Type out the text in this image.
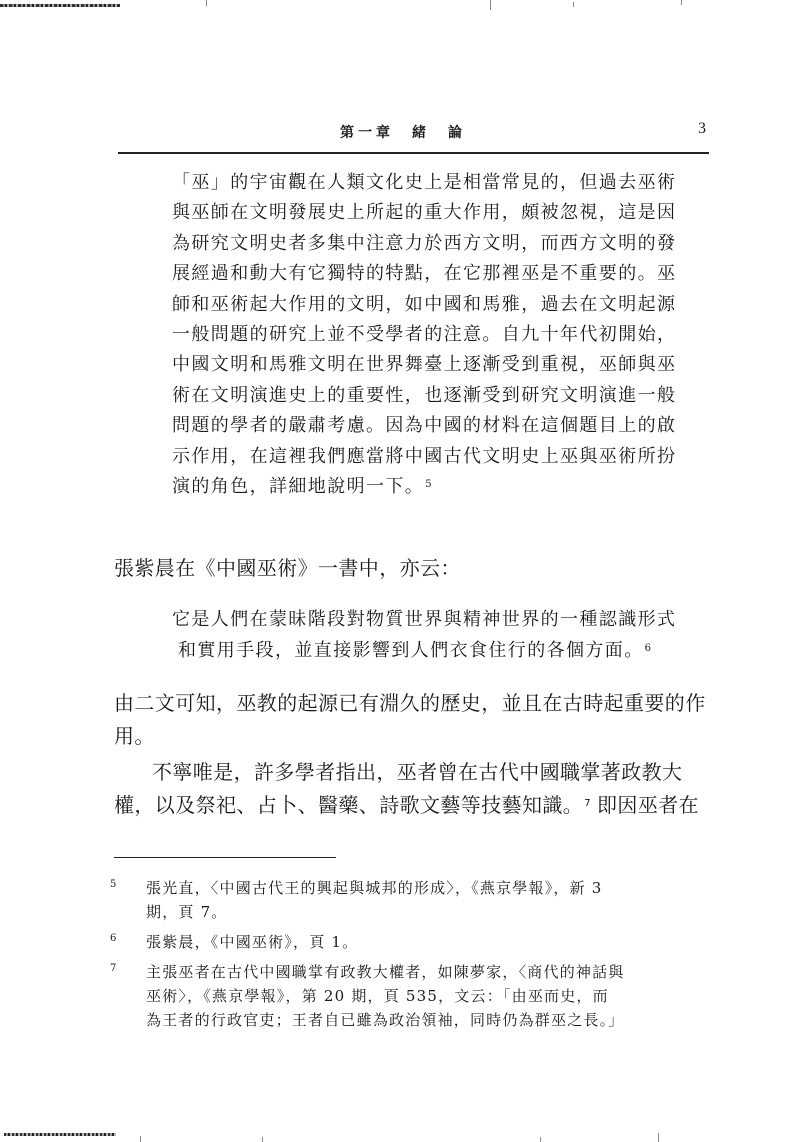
第一章　緒　論	3
「巫」的宇宙觀在人類文化史上是相當常見的，但過去巫術
與巫師在文明發展史上所起的重大作用，頗被忽視，這是因
為研究文明史者多集中注意力於西方文明，而西方文明的發
展經過和動大有它獨特的特點，在它那裡巫是不重要的。巫
師和巫術起大作用的文明，如中國和馬雅，過去在文明起源
一般問題的研究上並不受學者的注意。自九十年代初開始，
中國文明和馬雅文明在世界舞臺上逐漸受到重視，巫師與巫
術在文明演進史上的重要性，也逐漸受到研究文明演進一般
問題的學者的嚴肅考慮。因為中國的材料在這個題目上的啟
示作用，在這裡我們應當將中國古代文明史上巫與巫術所扮
演的角色，詳細地說明一下。$^5$
張紫晨在《中國巫術》一書中，亦云：
它是人們在蒙昧階段對物質世界與精神世界的一種認識形式
和實用手段，並直接影響到人們衣食住行的各個方面。$^6$
由二文可知，巫教的起源已有淵久的歷史，並且在古時起重要的作
用。
不寧唯是，許多學者指出，巫者曾在古代中國職掌著政教大
權，以及祭祀、占卜、醫藥、詩歌文藝等技藝知識。$^7$ 即因巫者在
5 張光直，〈中國古代王的興起與城邦的形成〉，《燕京學報》，新 3
期，頁 7。
6 張紫晨，《中國巫術》，頁 1。
7 主張巫者在古代中國職掌有政教大權者，如陳夢家，〈商代的神話與
巫術〉，《燕京學報》，第 20 期，頁 535，文云：「由巫而史，而
為王者的行政官吏；王者自已雖為政治領袖，同時仍為群巫之長。」
